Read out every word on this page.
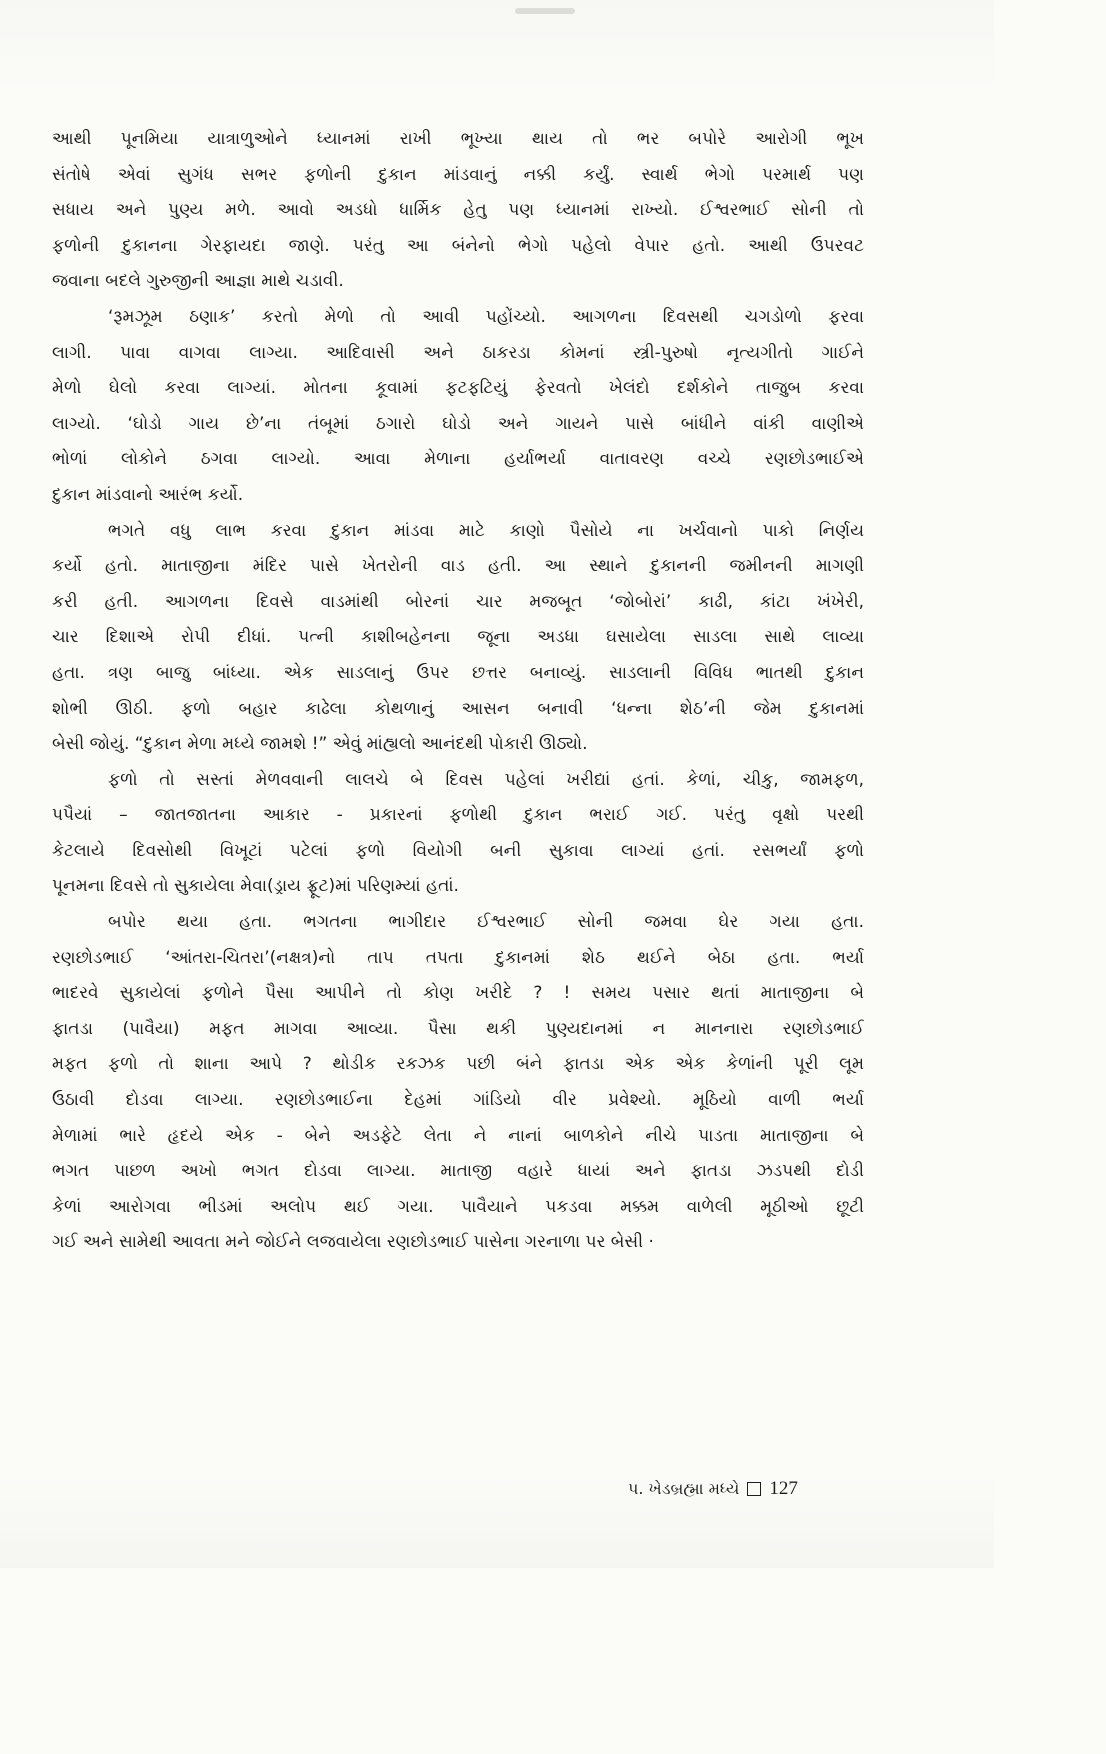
આથી પૂનમિયા યાત્રાળુઓને ધ્યાનમાં રાખી ભૂખ્યા થાય તો ભર બપોરે આરોગી ભૂખ
સંતોષે એવાં સુગંધ સભર ફળોની દુકાન માંડવાનું નક્કી કર્યું. સ્વાર્થ ભેગો પરમાર્થ પણ
સધાય અને પુણ્ય મળે. આવો અડધો ધાર્મિક હેતુ પણ ધ્યાનમાં રાખ્યો. ઈશ્વરભાઈ સોની તો
ફળોની દુકાનના ગેરફાયદા જાણે. પરંતુ આ બંનેનો ભેગો પહેલો વેપાર હતો. આથી ઉપરવટ
જવાના બદલે ગુરુજીની આજ્ઞા માથે ચડાવી.
‘રૂમઝૂમ ઠણાક’ કરતો મેળો તો આવી પહોંચ્યો. આગળના દિવસથી ચગડોળો ફરવા
લાગી. પાવા વાગવા લાગ્યા. આદિવાસી અને ઠાકરડા કોમનાં સ્ત્રી-પુરુષો નૃત્યગીતો ગાઈને
મેળો ઘેલો કરવા લાગ્યાં. મોતના કૂવામાં ફટફટિયું ફેરવતો ખેલંદો દર્શકોને તાજુબ કરવા
લાગ્યો. ‘ઘોડો ગાય છે’ના તંબૂમાં ઠગારો ઘોડો અને ગાયને પાસે બાંધીને વાંકી વાણીએ
ભોળાં લોકોને ઠગવા લાગ્યો. આવા મેળાના હર્યાભર્યા વાતાવરણ વચ્ચે રણછોડભાઈએ
દુકાન માંડવાનો આરંભ કર્યો.
ભગતે વધુ લાભ કરવા દુકાન માંડવા માટે કાણો પૈસોયે ના ખર્ચવાનો પાકો નિર્ણય
કર્યો હતો. માતાજીના મંદિર પાસે ખેતરોની વાડ હતી. આ સ્થાને દુકાનની જમીનની માગણી
કરી હતી. આગળના દિવસે વાડમાંથી બોરનાં ચાર મજબૂત ‘જોબોરાં’ કાઢી, કાંટા ખંખેરી,
ચાર દિશાએ રોપી દીધાં. પત્ની કાશીબહેનના જૂના અડધા ઘસાયેલા સાડલા સાથે લાવ્યા
હતા. ત્રણ બાજુ બાંધ્યા. એક સાડલાનું ઉપર છત્તર બનાવ્યું. સાડલાની વિવિધ ભાતથી દુકાન
શોભી ઊઠી. ફળો બહાર કાઢેલા કોથળાનું આસન બનાવી ‘ધન્ના શેઠ’ની જેમ દુકાનમાં
બેસી જોયું. “દુકાન મેળા મધ્યે જામશે !” એવું માંહ્યલો આનંદથી પોકારી ઊઠ્યો.
ફળો તો સસ્તાં મેળવવાની લાલચે બે દિવસ પહેલાં ખરીદ્યાં હતાં. કેળાં, ચીકુ, જામફળ,
પપૈયાં – જાતજાતના આકાર - પ્રકારનાં ફળોથી દુકાન ભરાઈ ગઈ. પરંતુ વૃક્ષો પરથી
કેટલાયે દિવસોથી વિખૂટાં પટેલાં ફળો વિયોગી બની સુકાવા લાગ્યાં હતાં. રસભર્યાં ફળો
પૂનમના દિવસે તો સુકાયેલા મેવા(ડ્રાય ફ્રૂટ)માં પરિણમ્યાં હતાં.
બપોર થયા હતા. ભગતના ભાગીદાર ઈશ્વરભાઈ સોની જમવા ઘેર ગયા હતા.
રણછોડભાઈ ‘આંતરા-ચિતરા’(નક્ષત્ર)નો તાપ તપતા દુકાનમાં શેઠ થઈને બેઠા હતા. ભર્યા
ભાદરવે સુકાયેલાં ફળોને પૈસા આપીને તો કોણ ખરીદે ? ! સમય પસાર થતાં માતાજીના બે
ફાતડા (પાવૈયા) મફત માગવા આવ્યા. પૈસા થકી પુણ્યદાનમાં ન માનનારા રણછોડભાઈ
મફત ફળો તો શાના આપે ? થોડીક રકઝક પછી બંને ફાતડા એક એક કેળાંની પૂરી લૂમ
ઉઠાવી દોડવા લાગ્યા. રણછોડભાઈના દેહમાં ગાંડિયો વીર પ્રવેશ્યો. મૂઠિયો વાળી ભર્યા
મેળામાં ભારે હૃદયે એક - બેને અડફેટે લેતા ને નાનાં બાળકોને નીચે પાડતા માતાજીના બે
ભગત પાછળ અખો ભગત દોડવા લાગ્યા. માતાજી વહારે ધાયાં અને ફાતડા ઝડપથી દોડી
કેળાં આરોગવા ભીડમાં અલોપ થઈ ગયા. પાવૈયાને પકડવા મક્કમ વાળેલી મૂઠીઓ છૂટી
ગઈ અને સામેથી આવતા મને જોઈને લજવાયેલા રણછોડભાઈ પાસેના ગરનાળા પર બેસી ·
પ. ખેડબ્રહ્મા મધ્યે 127
